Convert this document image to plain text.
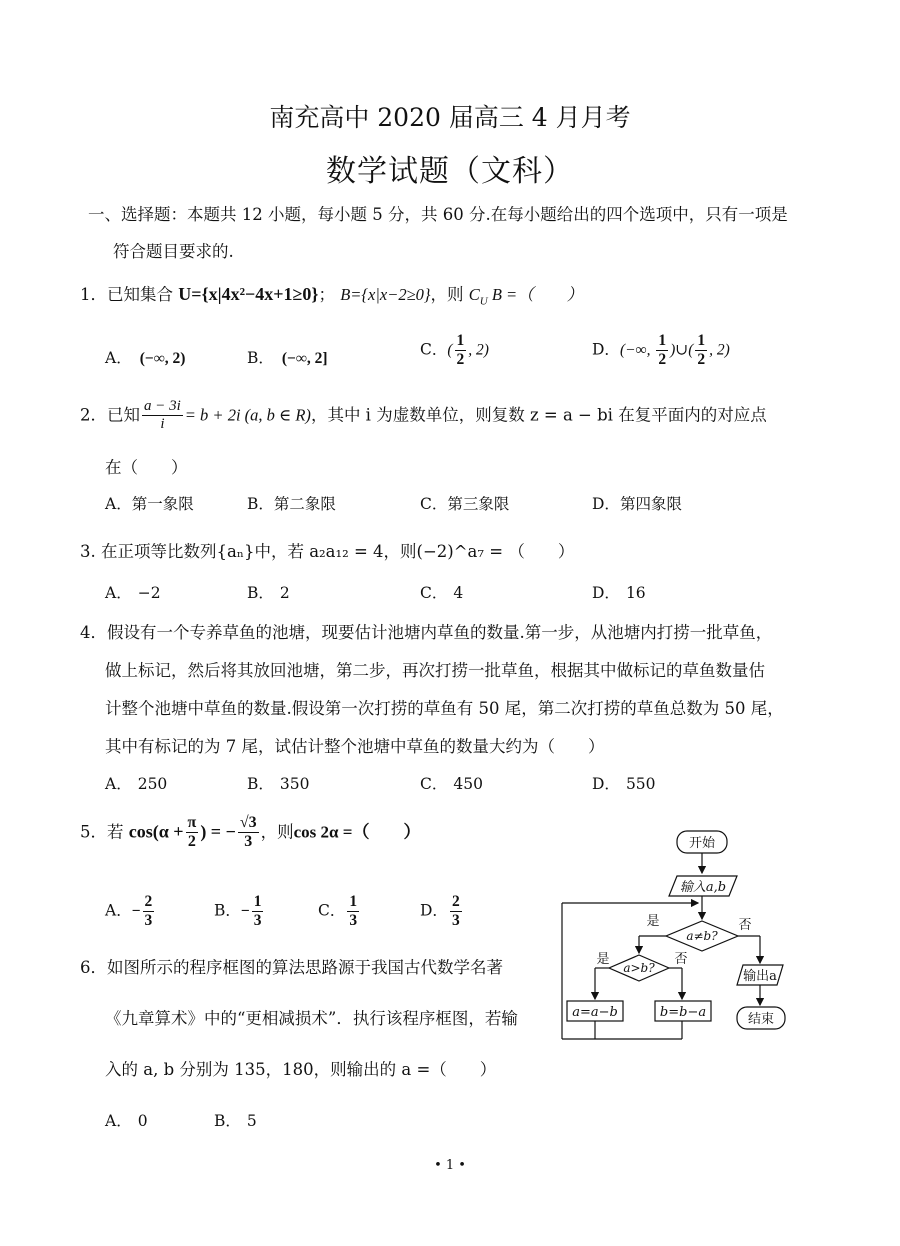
南充高中 2020 届高三 4 月月考
数学试题（文科）
一、选择题：本题共 12 小题，每小题 5 分，共 60 分.在每小题给出的四个选项中，只有一项是
符合题目要求的.
1．已知集合 U={x|4x²−4x+1≥0}； B={x|x−2≥0}，则 $C_U$ B =（　　）
A． (−∞, 2)	B． (−∞, 2]
C．( $\frac{1}{2}$ , 2)	D．(−∞, $\frac{1}{2}$ )∪( $\frac{1}{2}$ , 2)
2．已知 $\frac{a - 3i}{i} = b + 2i$ (a, b ∈ R)，其中 i 为虚数单位，则复数 z = a − bi 在复平面内的对应点
在（　　）
A．第一象限	B．第二象限	C．第三象限	D．第四象限
3. 在正项等比数列{aₙ}中，若 a₂a₁₂ = 4，则(−2)^a₇ = （　　）
A． −2	B． 2	C． 4	D． 16
4．假设有一个专养草鱼的池塘，现要估计池塘内草鱼的数量.第一步，从池塘内打捞一批草鱼，
做上标记，然后将其放回池塘，第二步，再次打捞一批草鱼，根据其中做标记的草鱼数量估
计整个池塘中草鱼的数量.假设第一次打捞的草鱼有 50 尾，第二次打捞的草鱼总数为 50 尾，
其中有标记的为 7 尾，试估计整个池塘中草鱼的数量大约为（　　）
A． 250	B． 350	C． 450	D． 550
5．若 $\cos(\alpha + \frac{\pi}{2}$ ) = − $\frac{√3}{3}$ ，则cos 2α =（　　）
A．− $\frac{2}{3}$	B．− $\frac{1}{3}$	C． $\frac{1}{3}$	D． $\frac{2}{3}$
6．如图所示的程序框图的算法思路源于我国古代数学名著
《九章算术》中的“更相减损术”．执行该程序框图，若输
入的 a, b 分别为 135，180，则输出的 a =（　　）
A． 0	B． 5
开始
输入a,b
a≠b?
是	否
a>b?
是	否
a=a−b	b=b−a
输出a
结束
• 1 •
